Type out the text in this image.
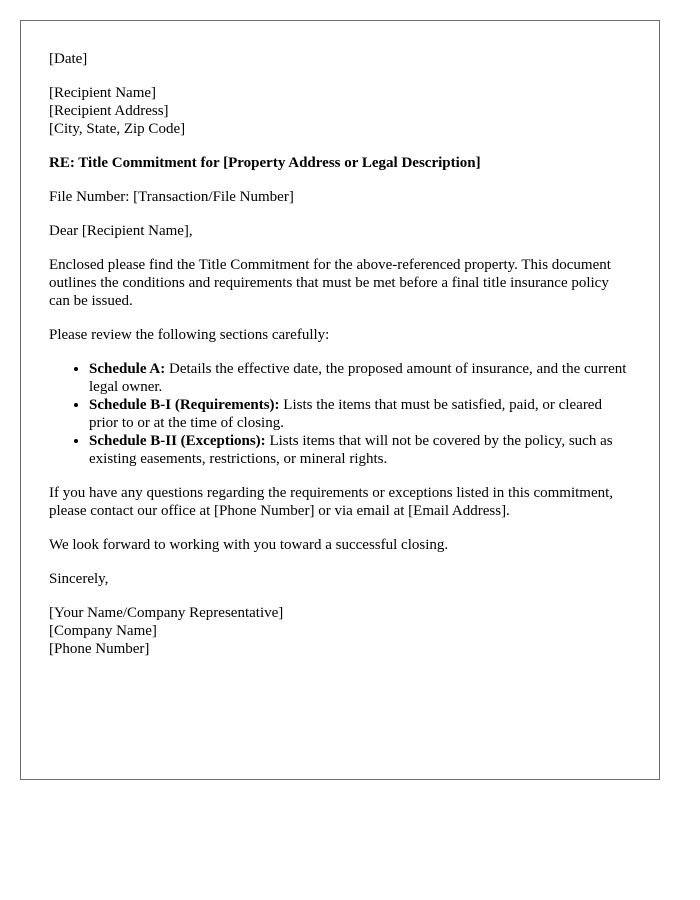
[Date]

[Recipient Name]
[Recipient Address]
[City, State, Zip Code]

RE: Title Commitment for [Property Address or Legal Description]

File Number: [Transaction/File Number]

Dear [Recipient Name],

Enclosed please find the Title Commitment for the above-referenced property. This document outlines the conditions and requirements that must be met before a final title insurance policy can be issued.

Please review the following sections carefully:

• Schedule A: Details the effective date, the proposed amount of insurance, and the current legal owner.
• Schedule B-I (Requirements): Lists the items that must be satisfied, paid, or cleared prior to or at the time of closing.
• Schedule B-II (Exceptions): Lists items that will not be covered by the policy, such as existing easements, restrictions, or mineral rights.

If you have any questions regarding the requirements or exceptions listed in this commitment, please contact our office at [Phone Number] or via email at [Email Address].

We look forward to working with you toward a successful closing.

Sincerely,

[Your Name/Company Representative]
[Company Name]
[Phone Number]
